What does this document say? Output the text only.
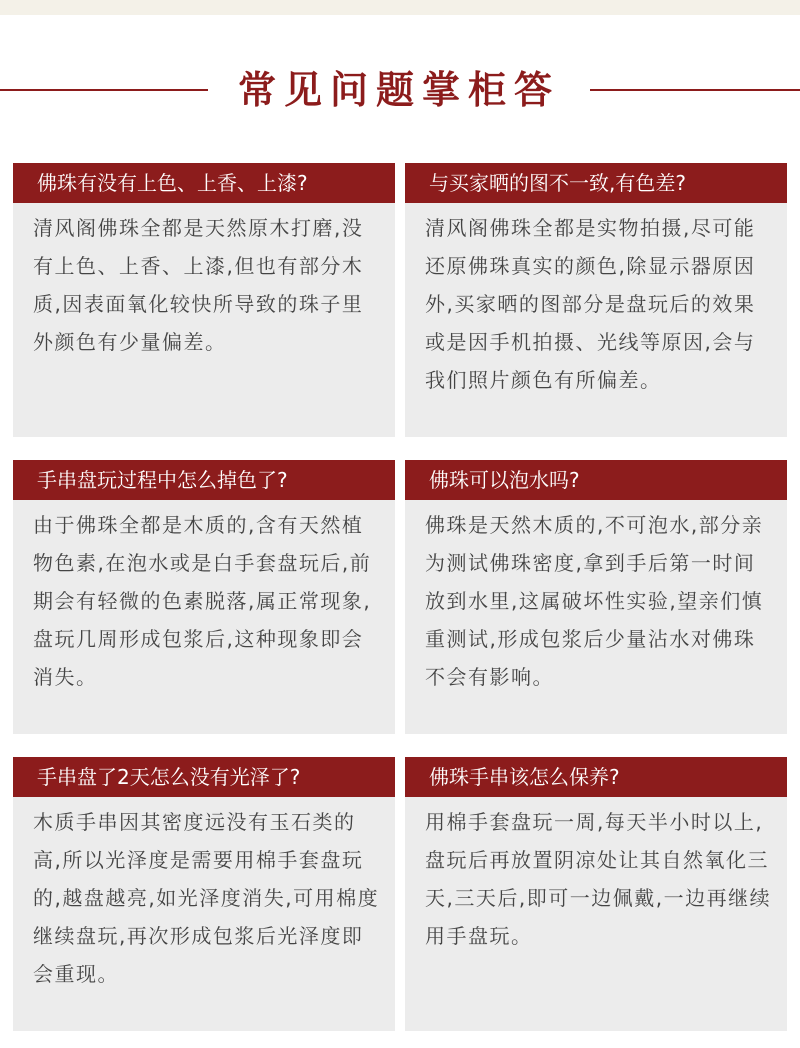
常见问题掌柜答
佛珠有没有上色、上香、上漆?
清风阁佛珠全都是天然原木打磨,没有上色、上香、上漆,但也有部分木质,因表面氧化较快所导致的珠子里外颜色有少量偏差。
与买家晒的图不一致,有色差?
清风阁佛珠全都是实物拍摄,尽可能还原佛珠真实的颜色,除显示器原因外,买家晒的图部分是盘玩后的效果或是因手机拍摄、光线等原因,会与我们照片颜色有所偏差。
手串盘玩过程中怎么掉色了?
由于佛珠全都是木质的,含有天然植物色素,在泡水或是白手套盘玩后,前期会有轻微的色素脱落,属正常现象,盘玩几周形成包浆后,这种现象即会消失。
佛珠可以泡水吗?
佛珠是天然木质的,不可泡水,部分亲为测试佛珠密度,拿到手后第一时间放到水里,这属破坏性实验,望亲们慎重测试,形成包浆后少量沾水对佛珠不会有影响。
手串盘了2天怎么没有光泽了?
木质手串因其密度远没有玉石类的高,所以光泽度是需要用棉手套盘玩的,越盘越亮,如光泽度消失,可用棉度继续盘玩,再次形成包浆后光泽度即会重现。
佛珠手串该怎么保养?
用棉手套盘玩一周,每天半小时以上,盘玩后再放置阴凉处让其自然氧化三天,三天后,即可一边佩戴,一边再继续用手盘玩。
